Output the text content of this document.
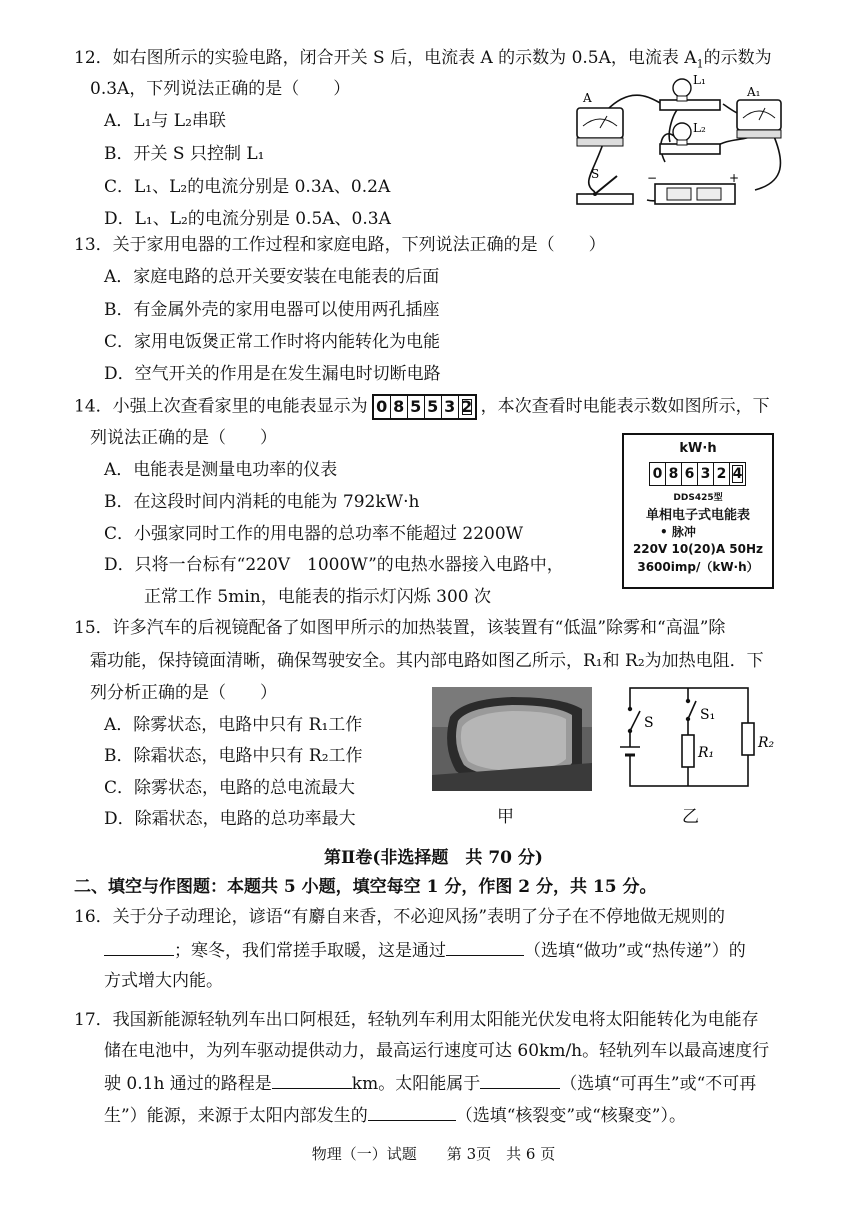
12．如右图所示的实验电路，闭合开关 S 后，电流表 A 的示数为 0.5A，电流表 $A_1$的示数为
0.3A，下列说法正确的是（　　）
A．L₁与 L₂串联
B．开关 S 只控制 L₁
C．L₁、L₂的电流分别是 0.3A、0.2A
D．L₁、L₂的电流分别是 0.5A、0.3A
A
L₁
A₁
L₂
S	−	+
13．关于家用电器的工作过程和家庭电路，下列说法正确的是（　　）
A．家庭电路的总开关要安装在电能表的后面
B．有金属外壳的家用电器可以使用两孔插座
C．家用电饭煲正常工作时将内能转化为电能
D．空气开关的作用是在发生漏电时切断电路
14．小强上次查看家里的电能表显示为 0 8 5 5 3 2 ，本次查看时电能表示数如图所示，下
列说法正确的是（　　）
A．电能表是测量电功率的仪表
B．在这段时间内消耗的电能为 792kW·h
C．小强家同时工作的用电器的总功率不能超过 2200W
D．只将一台标有“220V　1000W”的电热水器接入电路中，
正常工作 5min，电能表的指示灯闪烁 300 次
kW·h
0 8 6 3 2 4
DDS425型
单相电子式电能表
• 脉冲
220V 10(20)A 50Hz
3600imp/（kW·h）
15．许多汽车的后视镜配备了如图甲所示的加热装置，该装置有“低温”除雾和“高温”除
霜功能，保持镜面清晰，确保驾驶安全。其内部电路如图乙所示，R₁和 R₂为加热电阻．下
列分析正确的是（　　）
A．除雾状态，电路中只有 R₁工作
B．除霜状态，电路中只有 R₂工作
C．除雾状态，电路的总电流最大
D．除霜状态，电路的总功率最大	甲
S	S₁
R₁
R₂
乙
第Ⅱ卷(非选择题　共 70 分)
二、填空与作图题：本题共 5 小题，填空每空 1 分，作图 2 分，共 15 分。
16．关于分子动理论，谚语“有麝自来香，不必迎风扬”表明了分子在不停地做无规则的
；寒冬，我们常搓手取暖，这是通过	（选填“做功”或“热传递”）的
方式增大内能。
17．我国新能源轻轨列车出口阿根廷，轻轨列车利用太阳能光伏发电将太阳能转化为电能存
储在电池中，为列车驱动提供动力，最高运行速度可达 60km/h。轻轨列车以最高速度行
驶 0.1h 通过的路程是	km。太阳能属于	（选填“可再生”或“不可再
生”）能源，来源于太阳内部发生的	（选填“核裂变”或“核聚变”）。
物理（一）试题　　第 3页　共 6 页
